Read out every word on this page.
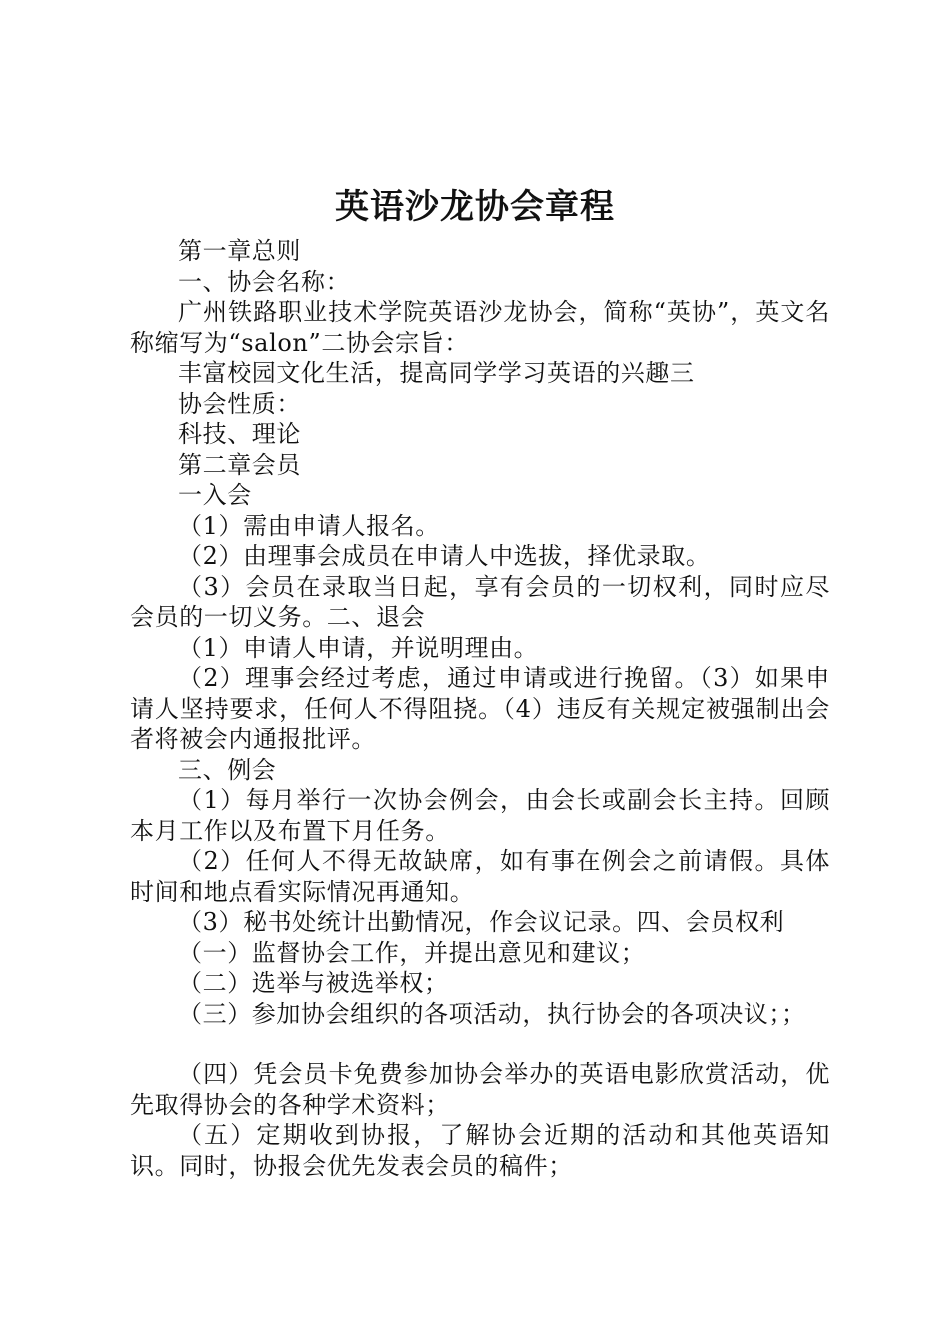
英语沙龙协会章程

第一章总则

一、协会名称：

广州铁路职业技术学院英语沙龙协会，简称“英协”，英文名称缩写为“salon”二协会宗旨：

丰富校园文化生活，提高同学学习英语的兴趣三

协会性质：

科技、理论

第二章会员

一入会

（1）需由申请人报名。

（2）由理事会成员在申请人中选拔，择优录取。

（3）会员在录取当日起，享有会员的一切权利，同时应尽会员的一切义务。二、退会

（1）申请人申请，并说明理由。

（2）理事会经过考虑，通过申请或进行挽留。（3）如果申请人坚持要求，任何人不得阻挠。（4）违反有关规定被强制出会者将被会内通报批评。

三、例会

（1）每月举行一次协会例会，由会长或副会长主持。回顾本月工作以及布置下月任务。

（2）任何人不得无故缺席，如有事在例会之前请假。具体时间和地点看实际情况再通知。

（3）秘书处统计出勤情况，作会议记录。四、会员权利

（一）监督协会工作，并提出意见和建议；

（二）选举与被选举权；

（三）参加协会组织的各项活动，执行协会的各项决议；；

（四）凭会员卡免费参加协会举办的英语电影欣赏活动，优先取得协会的各种学术资料；

（五）定期收到协报，了解协会近期的活动和其他英语知识。同时，协报会优先发表会员的稿件；
